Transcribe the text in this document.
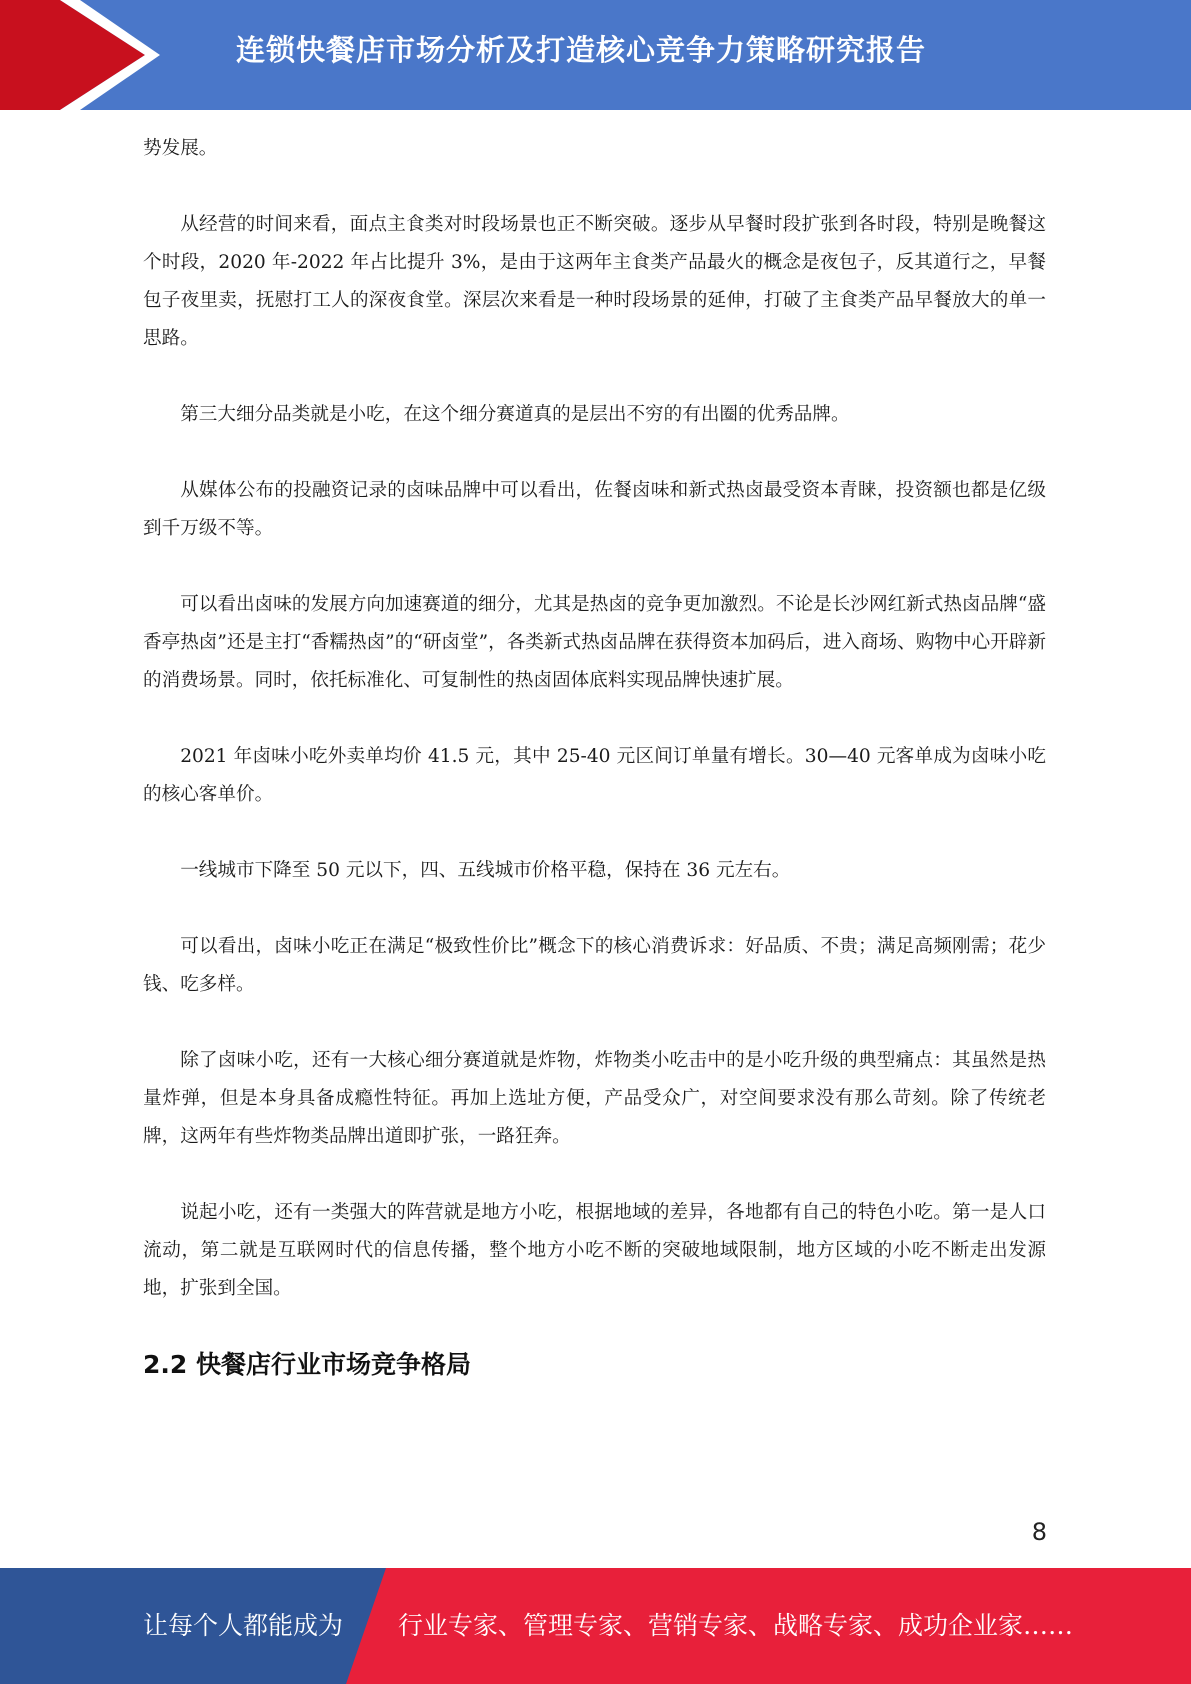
连锁快餐店市场分析及打造核心竞争力策略研究报告

势发展。

从经营的时间来看，面点主食类对时段场景也正不断突破。逐步从早餐时段扩张到各时段，特别是晚餐这个时段，2020 年-2022 年占比提升 3%，是由于这两年主食类产品最火的概念是夜包子，反其道行之，早餐包子夜里卖，抚慰打工人的深夜食堂。深层次来看是一种时段场景的延伸，打破了主食类产品早餐放大的单一思路。

第三大细分品类就是小吃，在这个细分赛道真的是层出不穷的有出圈的优秀品牌。

从媒体公布的投融资记录的卤味品牌中可以看出，佐餐卤味和新式热卤最受资本青睐，投资额也都是亿级到千万级不等。

可以看出卤味的发展方向加速赛道的细分，尤其是热卤的竞争更加激烈。不论是长沙网红新式热卤品牌“盛香亭热卤”还是主打“香糯热卤”的“研卤堂”，各类新式热卤品牌在获得资本加码后，进入商场、购物中心开辟新的消费场景。同时，依托标准化、可复制性的热卤固体底料实现品牌快速扩展。

2021 年卤味小吃外卖单均价 41.5 元，其中 25-40 元区间订单量有增长。30—40 元客单成为卤味小吃的核心客单价。

一线城市下降至 50 元以下，四、五线城市价格平稳，保持在 36 元左右。

可以看出，卤味小吃正在满足“极致性价比”概念下的核心消费诉求：好品质、不贵；满足高频刚需；花少钱、吃多样。

除了卤味小吃，还有一大核心细分赛道就是炸物，炸物类小吃击中的是小吃升级的典型痛点：其虽然是热量炸弹，但是本身具备成瘾性特征。再加上选址方便，产品受众广，对空间要求没有那么苛刻。除了传统老牌，这两年有些炸物类品牌出道即扩张，一路狂奔。

说起小吃，还有一类强大的阵营就是地方小吃，根据地域的差异，各地都有自己的特色小吃。第一是人口流动，第二就是互联网时代的信息传播，整个地方小吃不断的突破地域限制，地方区域的小吃不断走出发源地，扩张到全国。

2.2 快餐店行业市场竞争格局
8
让每个人都能成为 行业专家、管理专家、营销专家、战略专家、成功企业家……
